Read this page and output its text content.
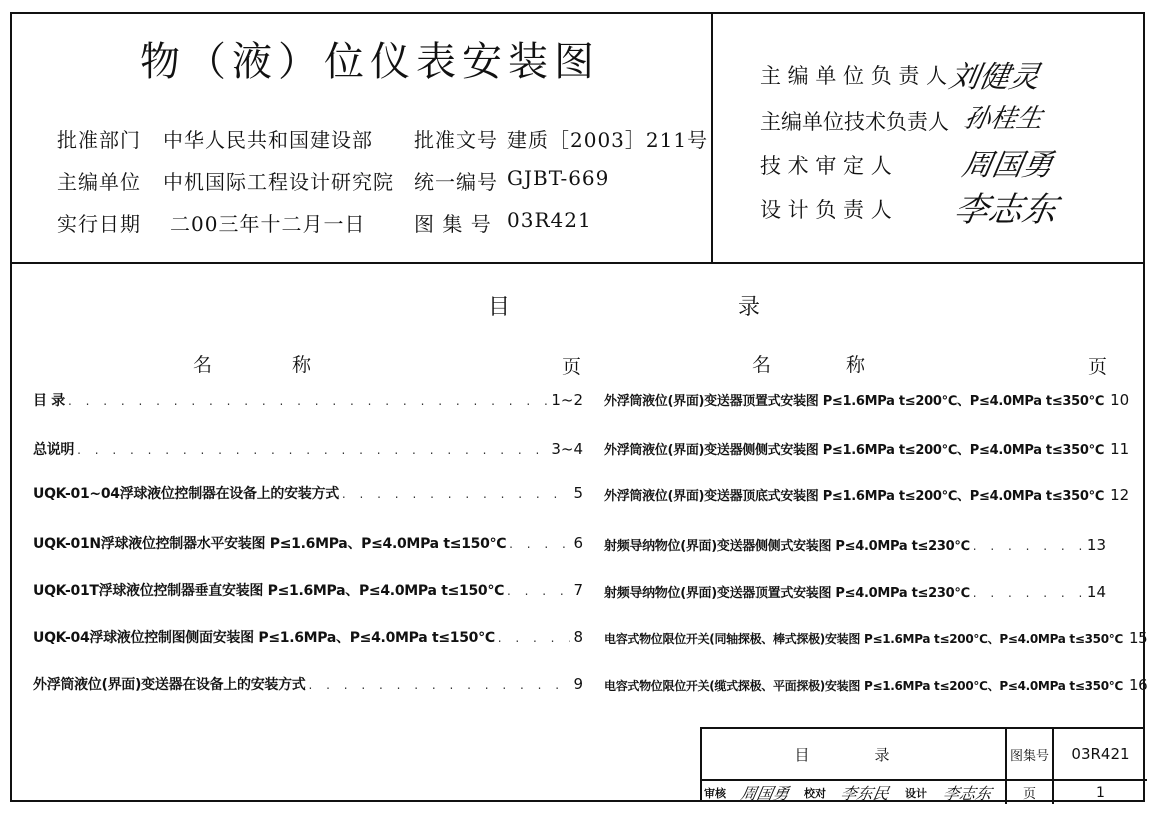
物（液）位仪表安装图
批准部门 中华人民共和国建设部 批准文号 建质［2003］211号
主编单位 中机国际工程设计研究院 统一编号 GJBT-669
实行日期 二00三年十二月一日 图 集 号 03R421
主 编 单 位 负 责 人 刘健灵
主编单位技术负责人 孙桂生
技 术 审 定 人 周国勇
设 计 负 责 人 李志东
目	录
名	称	页	名	称	页
目 录 . . .	1~2
总说明 . . .	3~4
UQK-01~04浮球液位控制器在设备上的安装方式 . . .	5
UQK-01N浮球液位控制器水平安装图 P≤1.6MPa、P≤4.0MPa t≤150℃ . . .	6
UQK-01T浮球液位控制器垂直安装图 P≤1.6MPa、P≤4.0MPa t≤150℃ . . .	7
UQK-04浮球液位控制图侧面安装图 P≤1.6MPa、P≤4.0MPa t≤150℃ . . .	8
外浮筒液位(界面)变送器在设备上的安装方式 . . .	9
外浮筒液位(界面)变送器顶置式安装图 P≤1.6MPa t≤200℃、P≤4.0MPa t≤350℃ 10
外浮筒液位(界面)变送器侧侧式安装图 P≤1.6MPa t≤200℃、P≤4.0MPa t≤350℃ 11
外浮筒液位(界面)变送器顶底式安装图 P≤1.6MPa t≤200℃、P≤4.0MPa t≤350℃ 12
射频导纳物位(界面)变送器侧侧式安装图 P≤4.0MPa t≤230℃ . . .	13
射频导纳物位(界面)变送器顶置式安装图 P≤4.0MPa t≤230℃ . . .	14
电容式物位限位开关(同轴探极、棒式探极)安装图 P≤1.6MPa t≤200℃、P≤4.0MPa t≤350℃ 15
电容式物位限位开关(缆式探极、平面探极)安装图 P≤1.6MPa t≤200℃、P≤4.0MPa t≤350℃ 16
目	录	图集号	03R421
审核 周国勇	校对 李东民	设计 李志东	页	1
